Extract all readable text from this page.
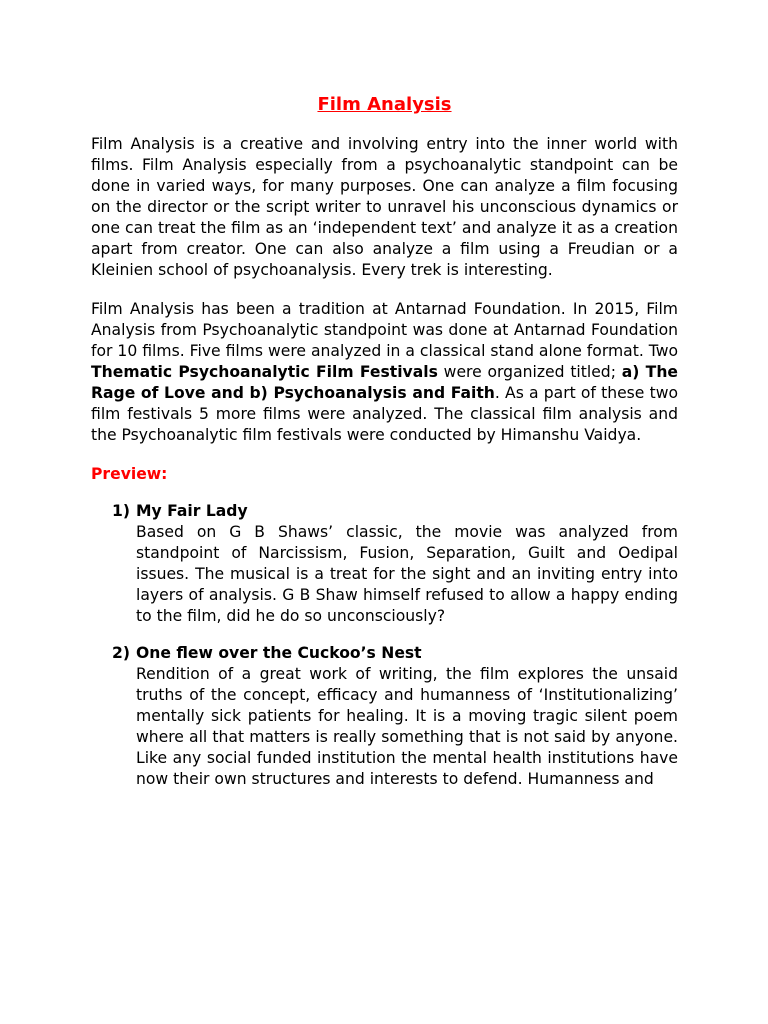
Film Analysis

Film Analysis is a creative and involving entry into the inner world with films. Film Analysis especially from a psychoanalytic standpoint can be done in varied ways, for many purposes. One can analyze a film focusing on the director or the script writer to unravel his unconscious dynamics or one can treat the film as an ‘independent text’ and analyze it as a creation apart from creator. One can also analyze a film using a Freudian or a Kleinien school of psychoanalysis. Every trek is interesting.

Film Analysis has been a tradition at Antarnad Foundation. In 2015, Film Analysis from Psychoanalytic standpoint was done at Antarnad Foundation for 10 films. Five films were analyzed in a classical stand alone format. Two Thematic Psychoanalytic Film Festivals were organized titled; a) The Rage of Love and b) Psychoanalysis and Faith. As a part of these two film festivals 5 more films were analyzed. The classical film analysis and the Psychoanalytic film festivals were conducted by Himanshu Vaidya.

Preview:
1) My Fair Lady
Based on G B Shaws’ classic, the movie was analyzed from standpoint of Narcissism, Fusion, Separation, Guilt and Oedipal issues. The musical is a treat for the sight and an inviting entry into layers of analysis. G B Shaw himself refused to allow a happy ending to the film, did he do so unconsciously?
2) One flew over the Cuckoo’s Nest
Rendition of a great work of writing, the film explores the unsaid truths of the concept, efficacy and humanness of ‘Institutionalizing’ mentally sick patients for healing. It is a moving tragic silent poem where all that matters is really something that is not said by anyone. Like any social funded institution the mental health institutions have now their own structures and interests to defend. Humanness and
